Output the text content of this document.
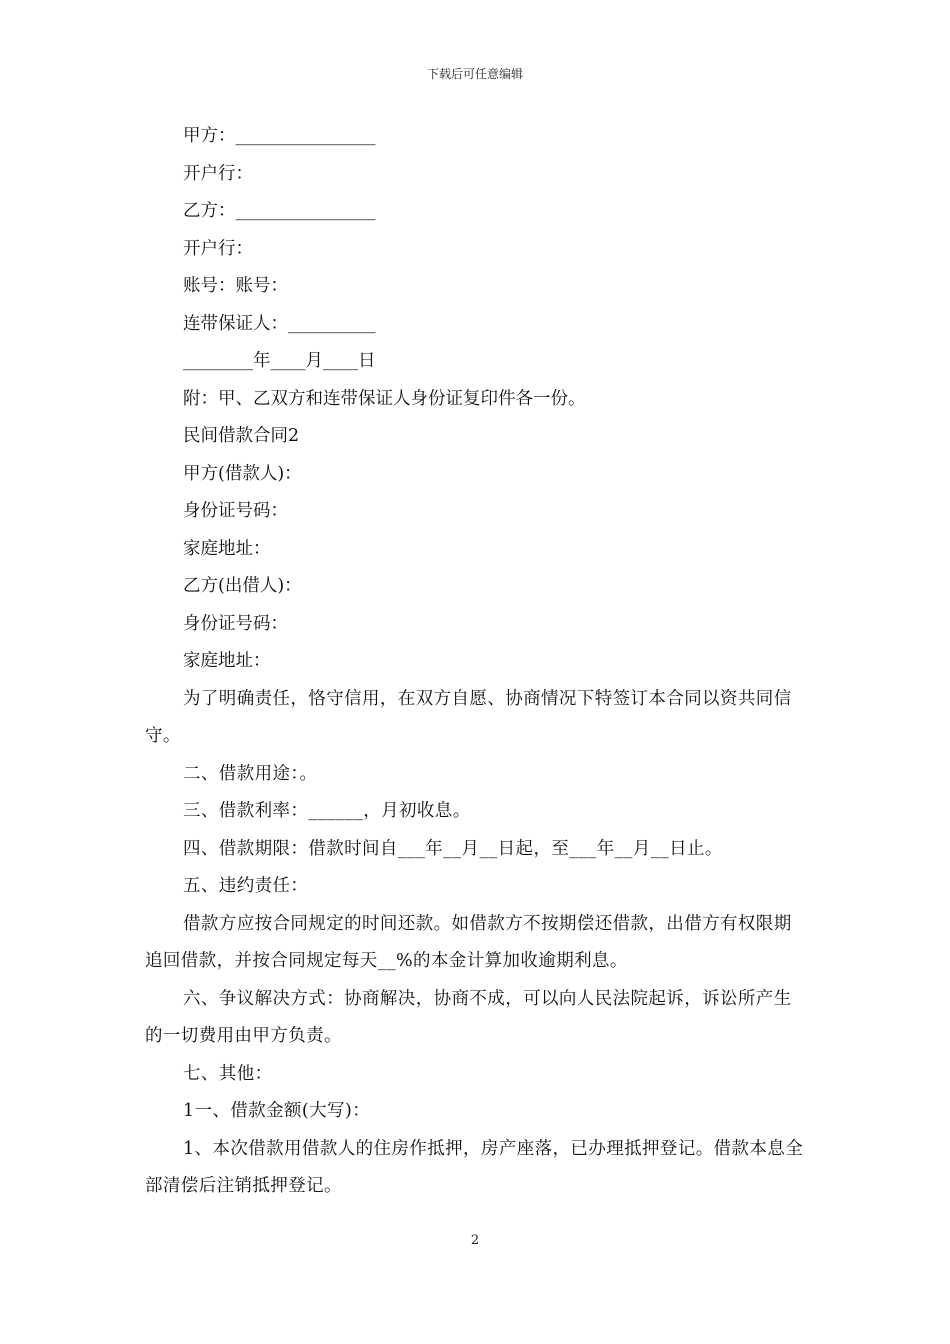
下载后可任意编辑

甲方：________________

开户行：

乙方：________________

开户行：

账号：账号：

连带保证人：__________

________年____月____日

附：甲、乙双方和连带保证人身份证复印件各一份。

民间借款合同2

甲方(借款人)：

身份证号码：

家庭地址：

乙方(出借人)：

身份证号码：

家庭地址：

为了明确责任，恪守信用，在双方自愿、协商情况下特签订本合同以资共同信守。

二、借款用途：。

三、借款利率：______，月初收息。

四、借款期限：借款时间自___年__月__日起，至___年__月__日止。

五、违约责任：

借款方应按合同规定的时间还款。如借款方不按期偿还借款，出借方有权限期追回借款，并按合同规定每天__%的本金计算加收逾期利息。

六、争议解决方式：协商解决，协商不成，可以向人民法院起诉，诉讼所产生的一切费用由甲方负责。

七、其他：

1一、借款金额(大写)：

1、本次借款用借款人的住房作抵押，房产座落，已办理抵押登记。借款本息全部清偿后注销抵押登记。

2
